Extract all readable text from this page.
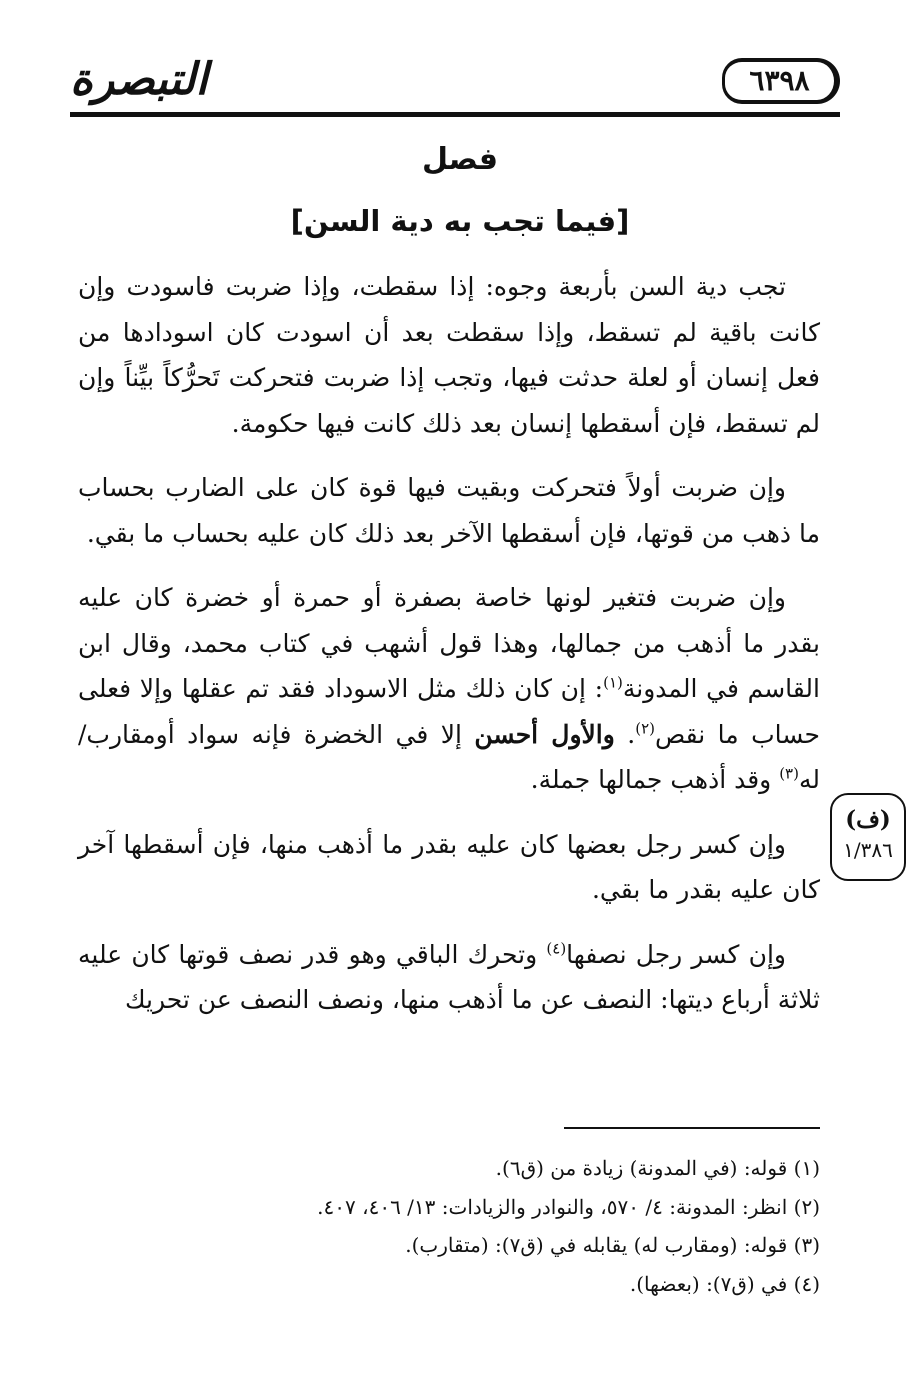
التبصرة	٦٣٩٨
فصل
[فيما تجب به دية السن]

تجب دية السن بأربعة وجوه: إذا سقطت، وإذا ضربت فاسودت وإن كانت باقية لم تسقط، وإذا سقطت بعد أن اسودت كان اسودادها من فعل إنسان أو لعلة حدثت فيها، وتجب إذا ضربت فتحركت تَحرُّكاً بيِّناً وإن لم تسقط، فإن أسقطها إنسان بعد ذلك كانت فيها حكومة.

وإن ضربت أولاً فتحركت وبقيت فيها قوة كان على الضارب بحساب ما ذهب من قوتها، فإن أسقطها الآخر بعد ذلك كان عليه بحساب ما بقي.

وإن ضربت فتغير لونها خاصة بصفرة أو حمرة أو خضرة كان عليه بقدر ما أذهب من جمالها، وهذا قول أشهب في كتاب محمد، وقال ابن القاسم في المدونة$^{(١)}$: إن كان ذلك مثل الاسوداد فقد تم عقلها وإلا فعلى حساب ما نقص$^{(٢)}$. والأول أحسن إلا في الخضرة فإنه سواد أومقارب/ له$^{(٣)}$ وقد أذهب جمالها جملة.

وإن كسر رجل بعضها كان عليه بقدر ما أذهب منها، فإن أسقطها آخر كان عليه بقدر ما بقي.

وإن كسر رجل نصفها$^{(٤)}$ وتحرك الباقي وهو قدر نصف قوتها كان عليه ثلاثة أرباع ديتها: النصف عن ما أذهب منها، ونصف النصف عن تحريك

(ف)
١/٣٨٦

(١) قوله: (في المدونة) زيادة من (ق٦).

(٢) انظر: المدونة: ٤/ ٥٧٠، والنوادر والزيادات: ١٣/ ٤٠٦، ٤٠٧.

(٣) قوله: (ومقارب له) يقابله في (ق٧): (متقارب).

(٤) في (ق٧): (بعضها).
